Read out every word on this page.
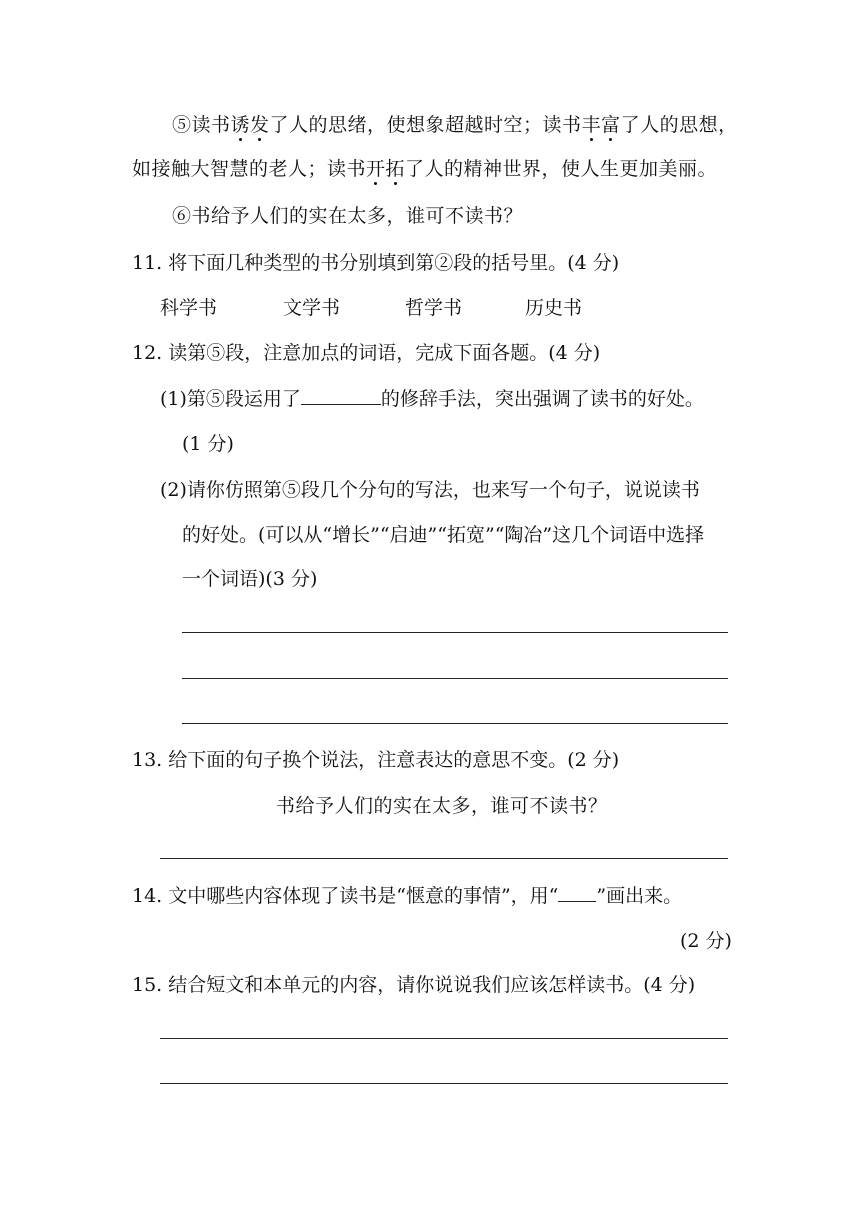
⑤读书诱发了人的思绪，使想象超越时空；读书丰富了人的思想，
如接触大智慧的老人；读书开拓了人的精神世界，使人生更加美丽。
⑥书给予人们的实在太多，谁可不读书？
11. 将下面几种类型的书分别填到第②段的括号里。(4 分)
科学书	文学书	哲学书	历史书
12. 读第⑤段，注意加点的词语，完成下面各题。(4 分)
(1)第⑤段运用了	的修辞手法，突出强调了读书的好处。
(1 分)
(2)请你仿照第⑤段几个分句的写法，也来写一个句子，说说读书
的好处。(可以从“增长”“启迪”“拓宽”“陶冶”这几个词语中选择
一个词语)(3 分)
13. 给下面的句子换个说法，注意表达的意思不变。(2 分)
书给予人们的实在太多，谁可不读书？
14. 文中哪些内容体现了读书是“惬意的事情”，用“ ”画出来。
(2 分)
15. 结合短文和本单元的内容，请你说说我们应该怎样读书。(4 分)
